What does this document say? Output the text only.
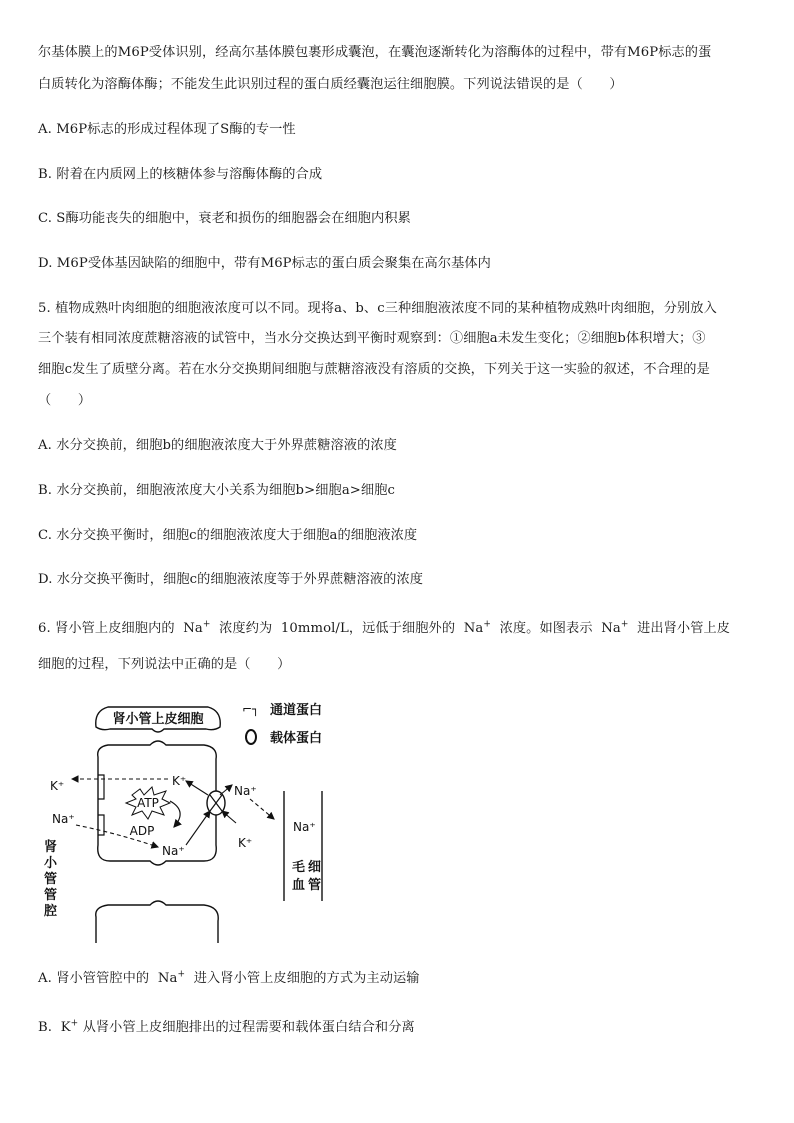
尔基体膜上的M6P受体识别，经高尔基体膜包裹形成囊泡，在囊泡逐渐转化为溶酶体的过程中，带有M6P标志的蛋
白质转化为溶酶体酶；不能发生此识别过程的蛋白质经囊泡运往细胞膜。下列说法错误的是（　　）
A. M6P标志的形成过程体现了S酶的专一性
B. 附着在内质网上的核糖体参与溶酶体酶的合成
C. S酶功能丧失的细胞中，衰老和损伤的细胞器会在细胞内积累
D. M6P受体基因缺陷的细胞中，带有M6P标志的蛋白质会聚集在高尔基体内
5. 植物成熟叶肉细胞的细胞液浓度可以不同。现将a、b、c三种细胞液浓度不同的某种植物成熟叶肉细胞，分别放入
三个装有相同浓度蔗糖溶液的试管中，当水分交换达到平衡时观察到：①细胞a未发生变化；②细胞b体积增大；③
细胞c发生了质壁分离。若在水分交换期间细胞与蔗糖溶液没有溶质的交换，下列关于这一实验的叙述，不合理的是
（　　）
A. 水分交换前，细胞b的细胞液浓度大于外界蔗糖溶液的浓度
B. 水分交换前，细胞液浓度大小关系为细胞b>细胞a>细胞c
C. 水分交换平衡时，细胞c的细胞液浓度大于细胞a的细胞液浓度
D. 水分交换平衡时，细胞c的细胞液浓度等于外界蔗糖溶液的浓度
6. 肾小管上皮细胞内的 Na+ 浓度约为 10mmol/L，远低于细胞外的 Na+ 浓度。如图表示 Na+ 进出肾小管上皮
细胞的过程，下列说法中正确的是（　　）
肾小管上皮细胞
ATP
ADP
K⁺
K⁺
Na⁺
Na⁺
Na⁺
K⁺
Na⁺
毛 细
血 管
肾
小
管
管
腔
⌐┐ 通道蛋白
载体蛋白
A. 肾小管管腔中的 Na+ 进入肾小管上皮细胞的方式为主动运输
B. K+ 从肾小管上皮细胞排出的过程需要和载体蛋白结合和分离
